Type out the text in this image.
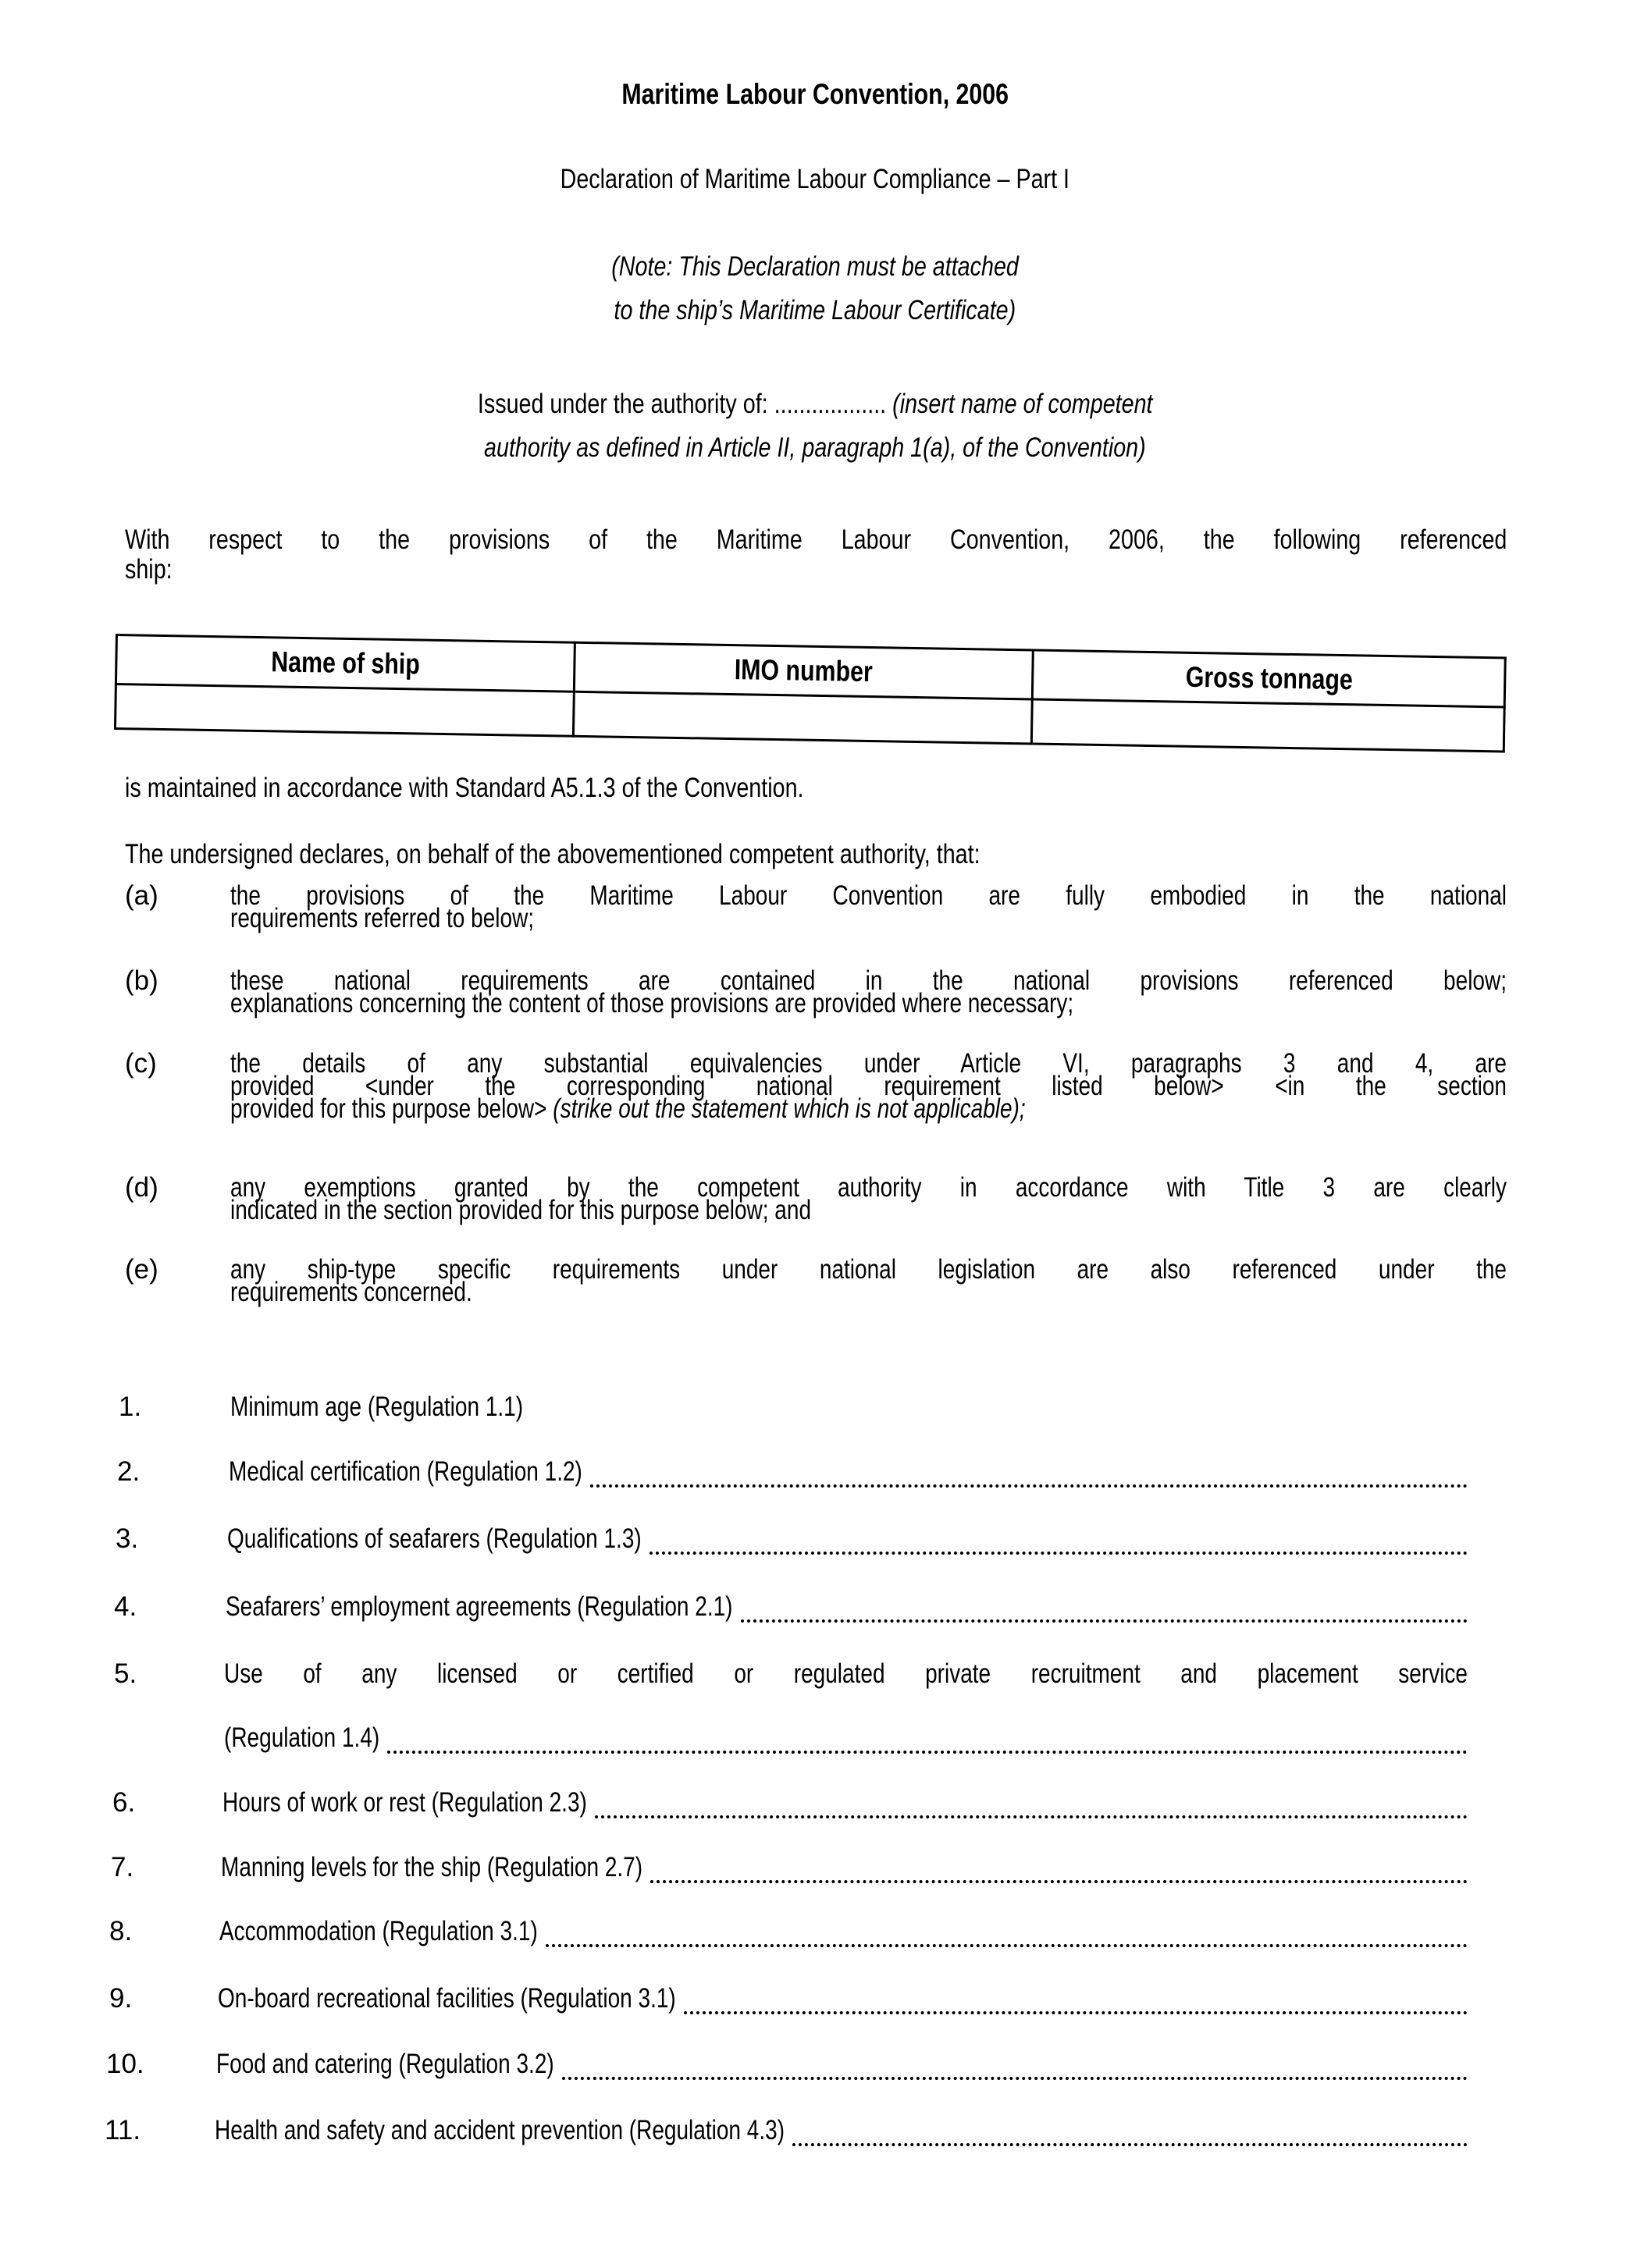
Maritime Labour Convention, 2006
Declaration of Maritime Labour Compliance – Part I
(Note: This Declaration must be attached
to the ship’s Maritime Labour Certificate)
Issued under the authority of: .................. (insert name of competent
authority as defined in Article II, paragraph 1(a), of the Convention)
With respect to the provisions of the Maritime Labour Convention, 2006, the following referenced
ship:
Name of ship	IMO number	Gross tonnage

is maintained in accordance with Standard A5.1.3 of the Convention.
The undersigned declares, on behalf of the abovementioned competent authority, that:
(a)	the provisions of the Maritime Labour Convention are fully embodied in the national
requirements referred to below;
(b)	these national requirements are contained in the national provisions referenced below;
explanations concerning the content of those provisions are provided where necessary;
(c)	the details of any substantial equivalencies under Article VI, paragraphs 3 and 4, are
provided <under the corresponding national requirement listed below> <in the section
provided for this purpose below> (strike out the statement which is not applicable);
(d)	any exemptions granted by the competent authority in accordance with Title 3 are clearly
indicated in the section provided for this purpose below; and
(e)	any ship-type specific requirements under national legislation are also referenced under the
requirements concerned.
1.	Minimum age (Regulation 1.1)
2.	Medical certification (Regulation 1.2)
3.	Qualifications of seafarers (Regulation 1.3)
4.	Seafarers’ employment agreements (Regulation 2.1)
5.	Use of any licensed or certified or regulated private recruitment and placement service
(Regulation 1.4)
6.	Hours of work or rest (Regulation 2.3)
7.	Manning levels for the ship (Regulation 2.7)
8.	Accommodation (Regulation 3.1)
9.	On-board recreational facilities (Regulation 3.1)
10.	Food and catering (Regulation 3.2)
11.	Health and safety and accident prevention (Regulation 4.3)
